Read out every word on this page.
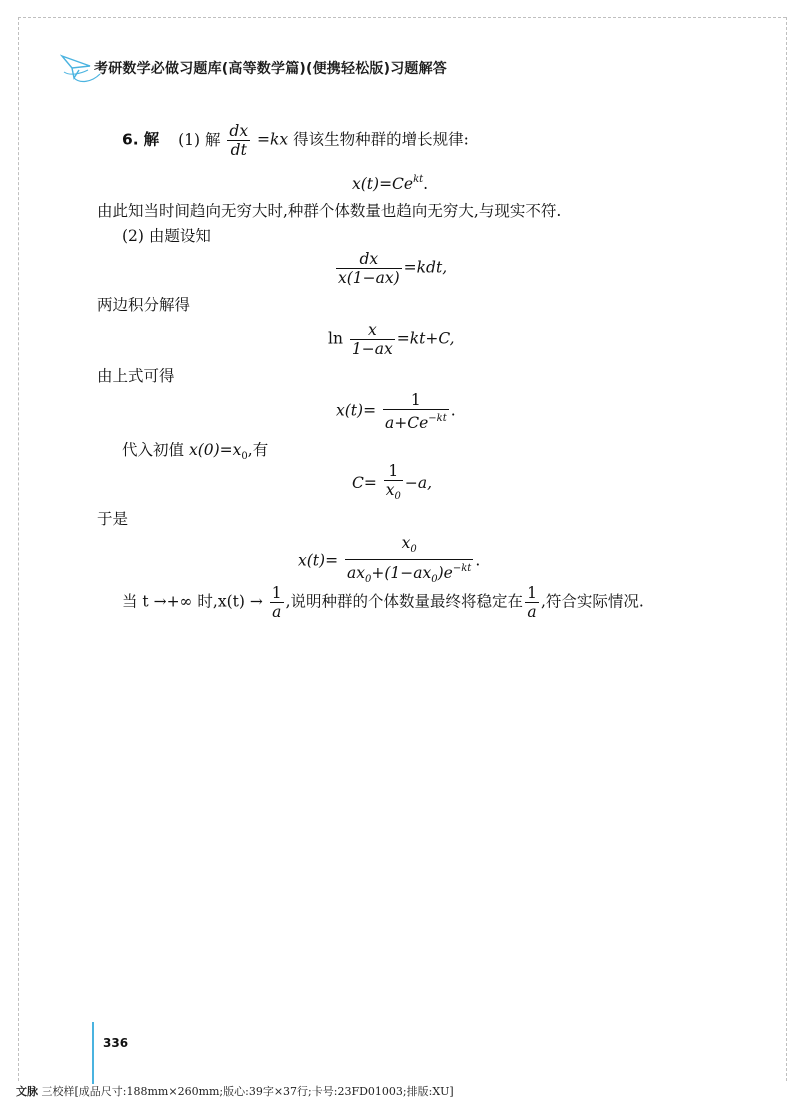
考研数学必做习题库(高等数学篇)(便携轻松版)习题解答
6. 解 (1) 解 $\frac{dx}{dt} =kx$ 得该生物种群的增长规律:
$x(t)=Ce^{kt}$.
由此知当时间趋向无穷大时,种群个体数量也趋向无穷大,与现实不符.
(2) 由题设知
$\frac{dx}{x(1-ax)} =kdt$,
两边积分解得
$\ln \frac{x}{1-ax} =kt+C$,
由上式可得
$x(t)= \frac{1}{a+Ce^{-kt}}$ .
代入初值 $x(0)=x_0$,有
$C= \frac{1}{x_0} -a$,
于是
$x(t)= \frac{x_0}{ax_0+(1-ax_0)e^{-kt}}$ .
当 t →+∞ 时$,x(t) \to \frac{1}{a}$ ,说明种群的个体数量最终将稳定在 $\frac{1}{a}$ ,符合实际情况.
336
文脉 三校样[成品尺寸:188mm×260mm;版心:39字×37行;卡号:23FD01003;排版:XU]
